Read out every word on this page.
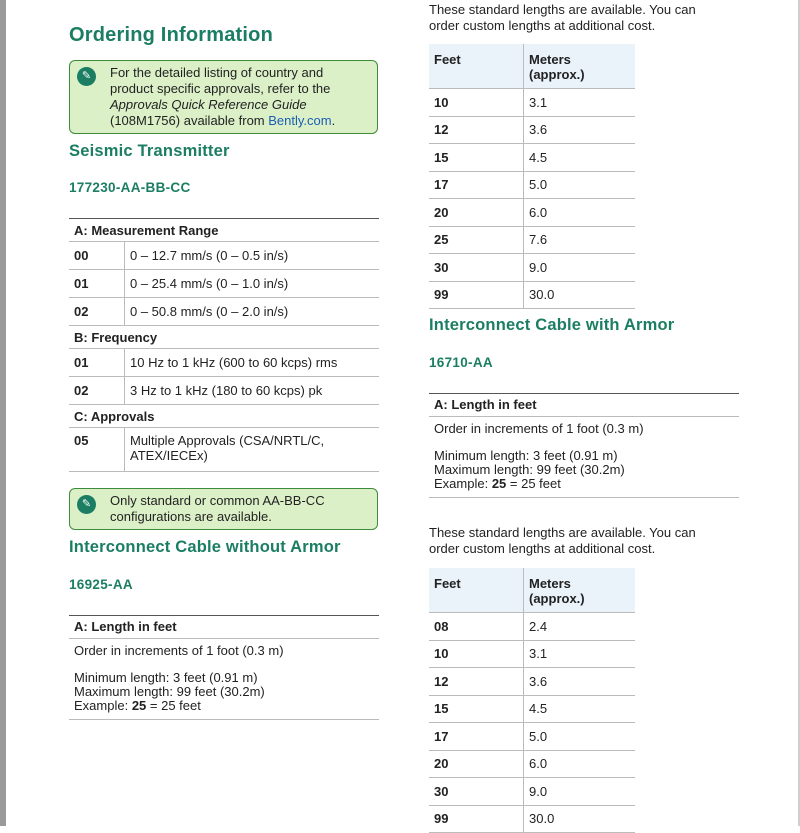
Ordering Information
✎	For the detailed listing of country and
product specific approvals, refer to the
Approvals Quick Reference Guide
(108M1756) available from Bently.com.
Seismic Transmitter
177230-AA-BB-CC
A: Measurement Range	
00	0 – 12.7 mm/s (0 – 0.5 in/s)
01	0 – 25.4 mm/s (0 – 1.0 in/s)
02	0 – 50.8 mm/s (0 – 2.0 in/s)
B: Frequency	
01	10 Hz to 1 kHz (600 to 60 kcps) rms
02	3 Hz to 1 kHz (180 to 60 kcps) pk
C: Approvals	
05	Multiple Approvals (CSA/NRTL/C,
ATEX/IECEx)
✎	Only standard or common AA-BB-CC
configurations are available.
Interconnect Cable without Armor
16925-AA
A: Length in feet
Order in increments of 1 foot (0.3 m)
Minimum length: 3 feet (0.91 m)
Maximum length: 99 feet (30.2m)
Example: 25 = 25 feet
These standard lengths are available. You can
order custom lengths at additional cost.
Feet	Meters
(approx.)

10	3.1
12	3.6
15	4.5
17	5.0
20	6.0
25	7.6
30	9.0
99	30.0
Interconnect Cable with Armor
16710-AA
A: Length in feet
Order in increments of 1 foot (0.3 m)
Minimum length: 3 feet (0.91 m)
Maximum length: 99 feet (30.2m)
Example: 25 = 25 feet
These standard lengths are available. You can
order custom lengths at additional cost.
Feet	Meters
(approx.)

08	2.4
10	3.1
12	3.6
15	4.5
17	5.0
20	6.0
30	9.0
99	30.0
